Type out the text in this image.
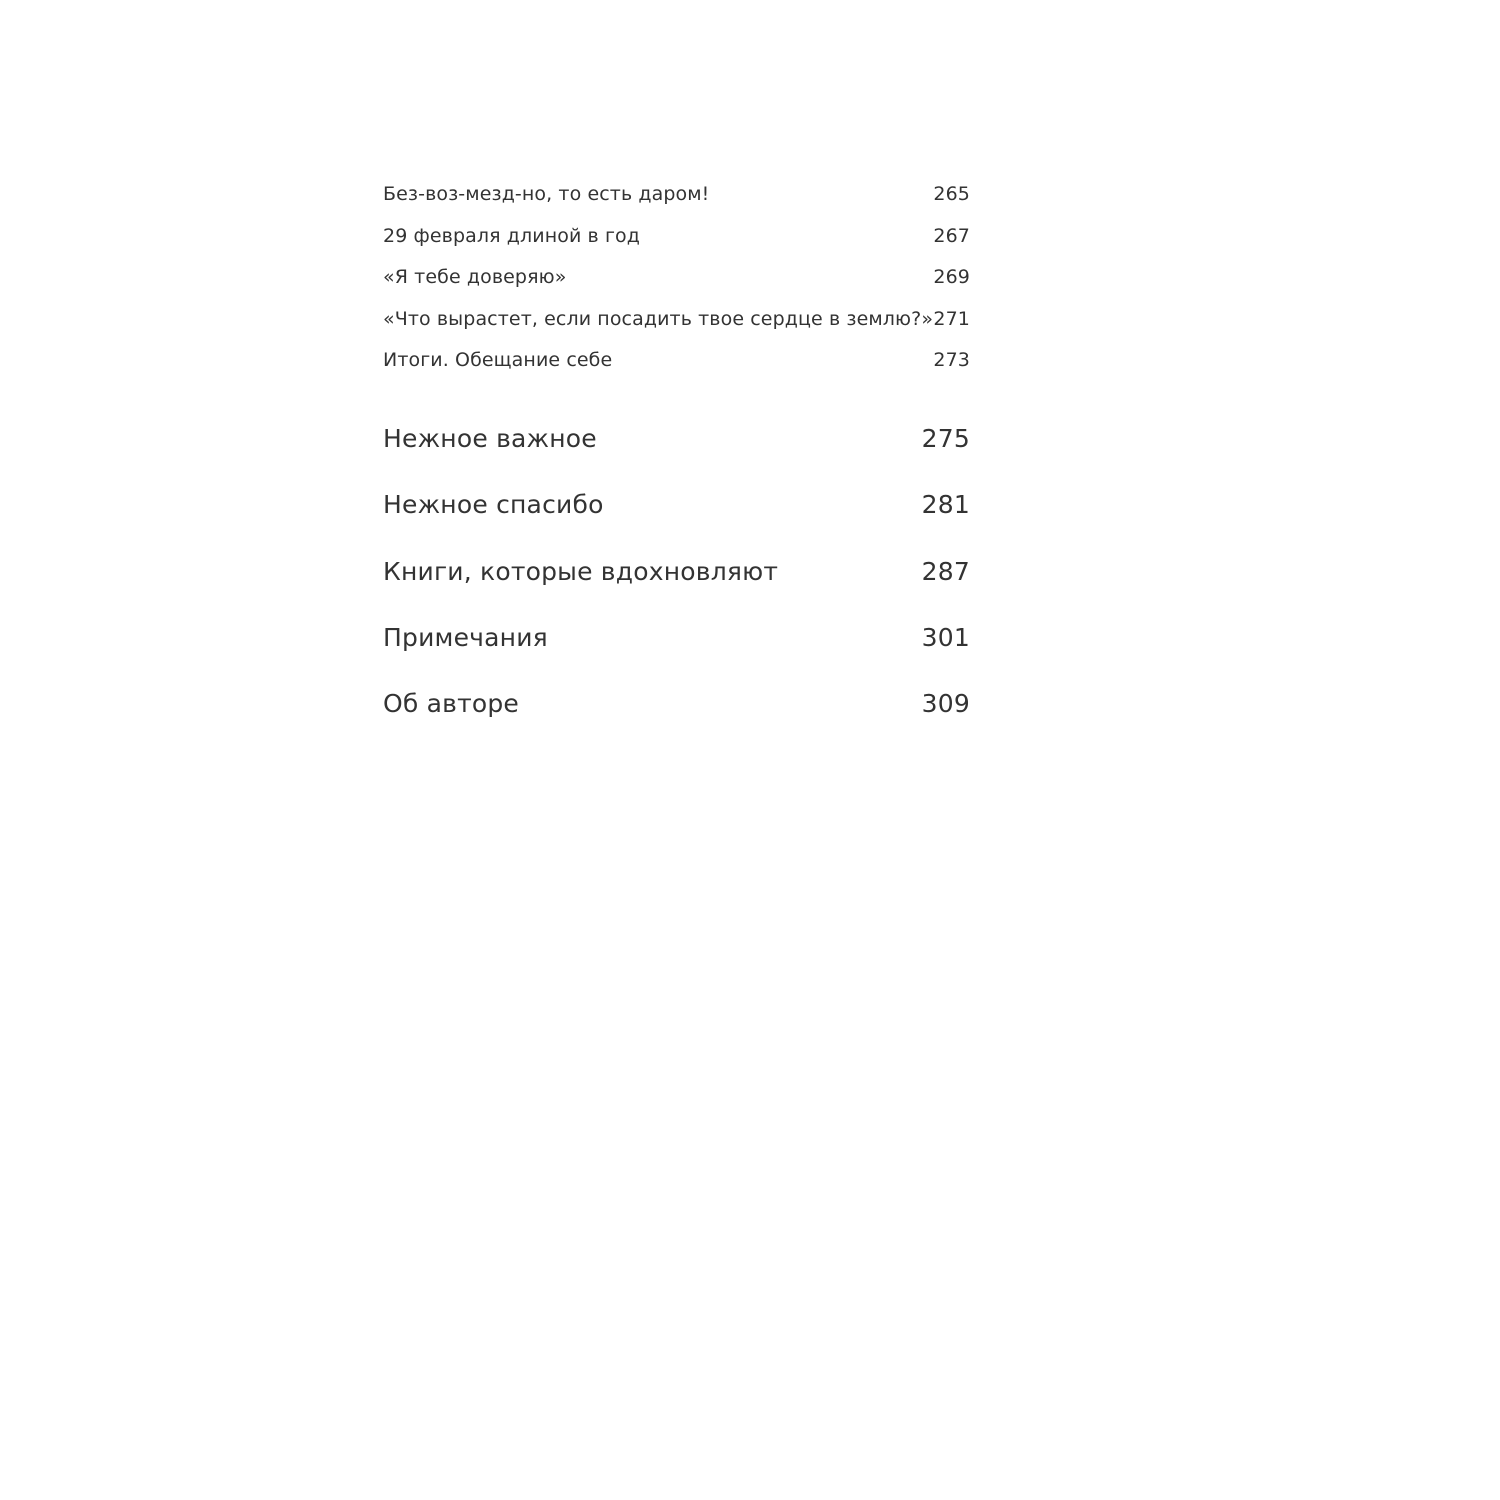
Без-воз-мезд-но, то есть даром!	265
29 февраля длиной в год	267
«Я тебе доверяю»	269
«Что вырастет, если посадить твое сердце в землю?» 271
Итоги. Обещание себе	273
Нежное важное	275
Нежное спасибо	281
Книги, которые вдохновляют	287
Примечания	301
Об авторе	309
